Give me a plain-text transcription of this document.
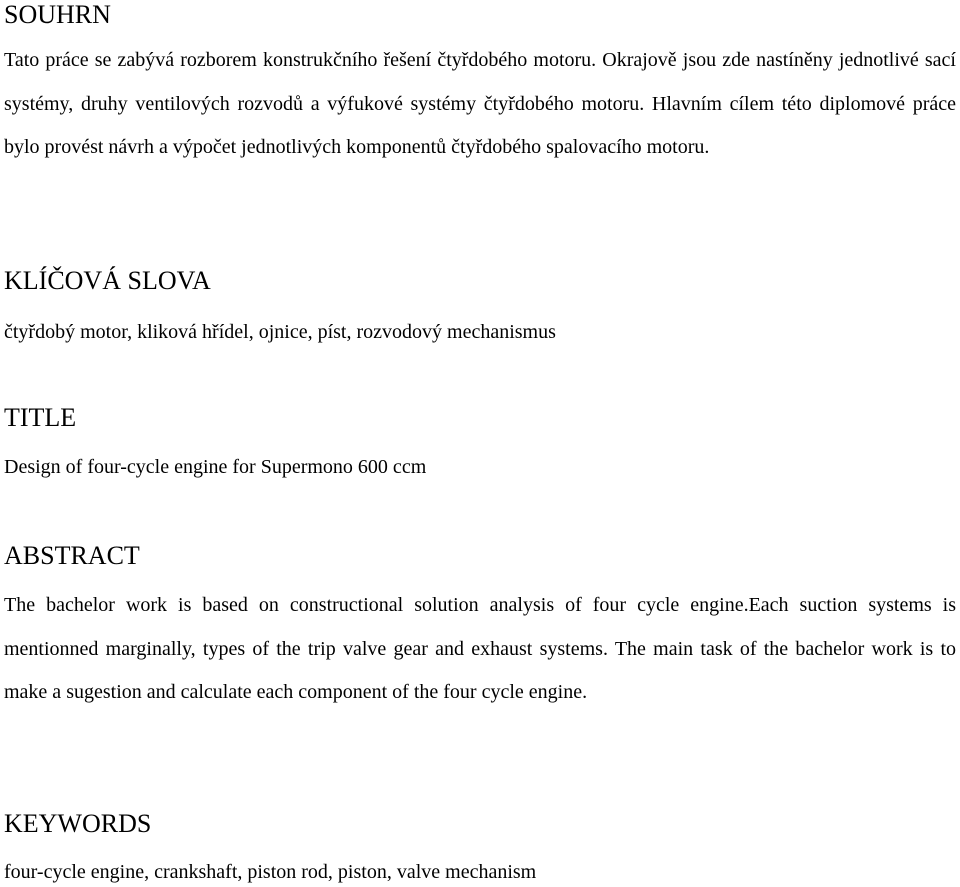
SOUHRN

Tato práce se zabývá rozborem konstrukčního řešení čtyřdobého motoru. Okrajově jsou zde nastíněny jednotlivé sací systémy, druhy ventilových rozvodů a výfukové systémy čtyřdobého motoru. Hlavním cílem této diplomové práce bylo provést návrh a výpočet jednotlivých komponentů čtyřdobého spalovacího motoru.

KLÍČOVÁ SLOVA

čtyřdobý motor, kliková hřídel, ojnice, píst, rozvodový mechanismus

TITLE

Design of four-cycle engine for Supermono 600 ccm

ABSTRACT

The bachelor work is based on constructional solution analysis of four cycle engine.Each suction systems is mentionned marginally, types of the trip valve gear and exhaust systems. The main task of the bachelor work is to make a sugestion and calculate each component of the four cycle engine.

KEYWORDS

four-cycle engine, crankshaft, piston rod, piston, valve mechanism
